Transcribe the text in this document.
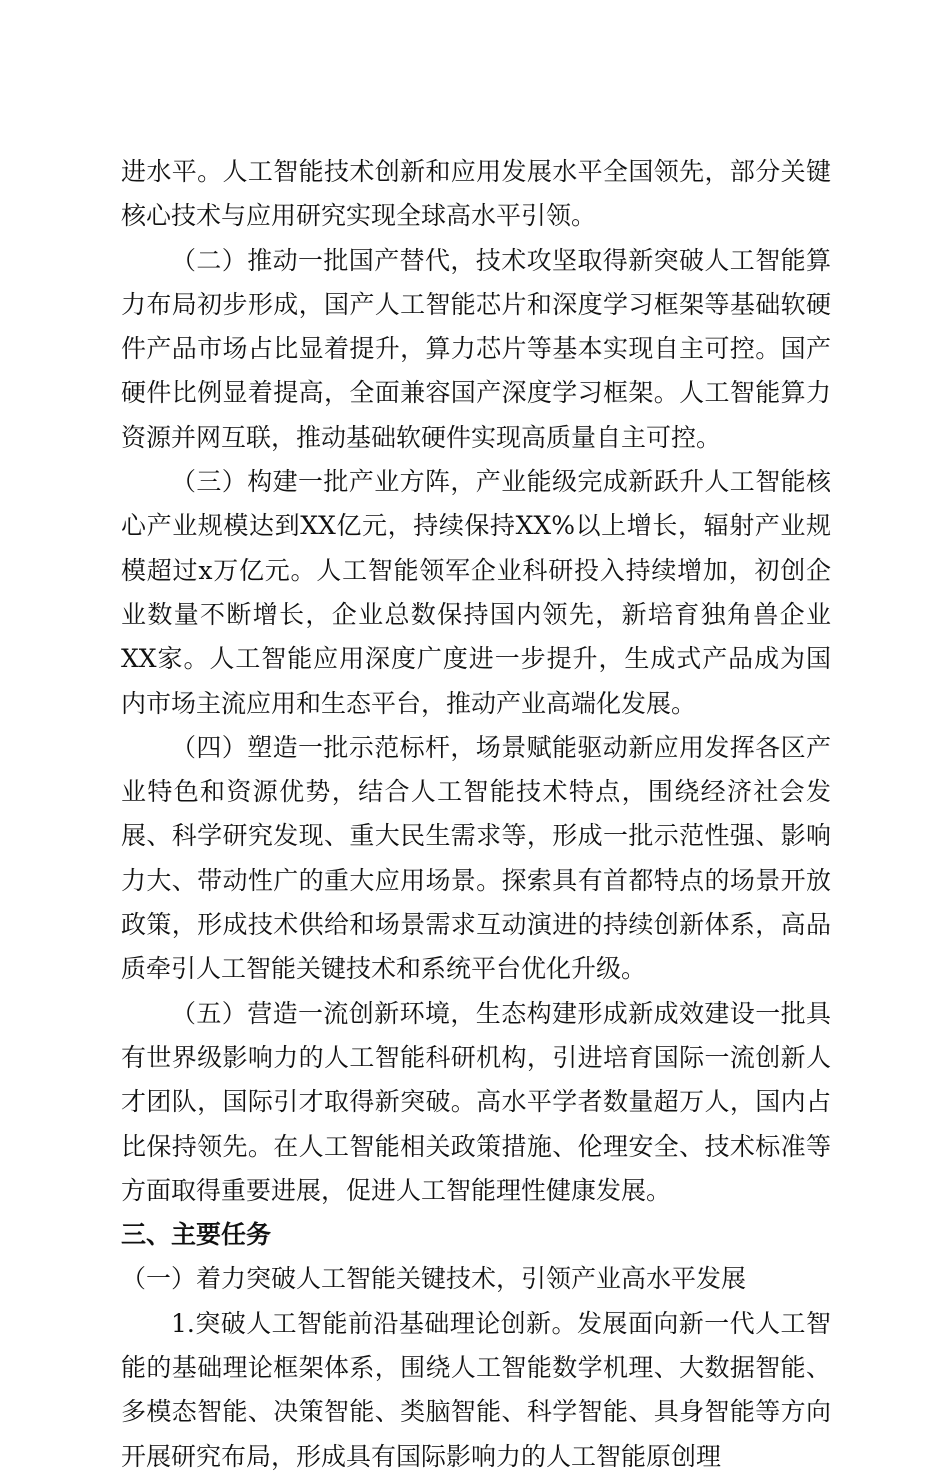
进水平。人工智能技术创新和应用发展水平全国领先，部分关键核心技术与应用研究实现全球高水平引领。

（二）推动一批国产替代，技术攻坚取得新突破人工智能算力布局初步形成，国产人工智能芯片和深度学习框架等基础软硬件产品市场占比显着提升，算力芯片等基本实现自主可控。国产硬件比例显着提高，全面兼容国产深度学习框架。人工智能算力资源并网互联，推动基础软硬件实现高质量自主可控。

（三）构建一批产业方阵，产业能级完成新跃升人工智能核心产业规模达到XX亿元，持续保持XX%以上增长，辐射产业规模超过x万亿元。人工智能领军企业科研投入持续增加，初创企业数量不断增长，企业总数保持国内领先，新培育独角兽企业XX家。人工智能应用深度广度进一步提升，生成式产品成为国内市场主流应用和生态平台，推动产业高端化发展。

（四）塑造一批示范标杆，场景赋能驱动新应用发挥各区产业特色和资源优势，结合人工智能技术特点，围绕经济社会发展、科学研究发现、重大民生需求等，形成一批示范性强、影响力大、带动性广的重大应用场景。探索具有首都特点的场景开放政策，形成技术供给和场景需求互动演进的持续创新体系，高品质牵引人工智能关键技术和系统平台优化升级。

（五）营造一流创新环境，生态构建形成新成效建设一批具有世界级影响力的人工智能科研机构，引进培育国际一流创新人才团队，国际引才取得新突破。高水平学者数量超万人，国内占比保持领先。在人工智能相关政策措施、伦理安全、技术标准等方面取得重要进展，促进人工智能理性健康发展。

三、主要任务

（一）着力突破人工智能关键技术，引领产业高水平发展

1.突破人工智能前沿基础理论创新。发展面向新一代人工智能的基础理论框架体系，围绕人工智能数学机理、大数据智能、多模态智能、决策智能、类脑智能、科学智能、具身智能等方向开展研究布局，形成具有国际影响力的人工智能原创理
